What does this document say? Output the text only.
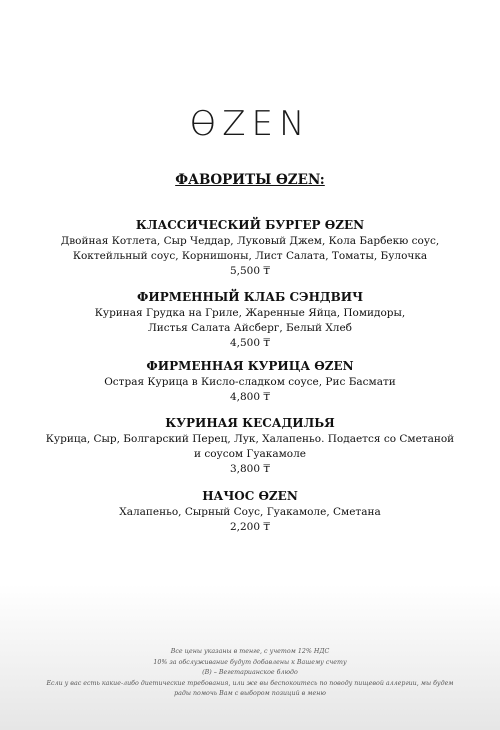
ƟZEN
ФАВОРИТЫ ƟZEN:
КЛАССИЧЕСКИЙ БУРГЕР ƟZEN
Двойная Котлета, Сыр Чеддар, Луковый Джем, Кола Барбекю соус,
Коктейльный соус, Корнишоны, Лист Салата, Томаты, Булочка
5,500 ₸
ФИРМЕННЫЙ КЛАБ СЭНДВИЧ
Куриная Грудка на Гриле, Жаренные Яйца, Помидоры,
Листья Салата Айсберг, Белый Хлеб
4,500 ₸
ФИРМЕННАЯ КУРИЦА ƟZEN
Острая Курица в Кисло-сладком соусе, Рис Басмати
4,800 ₸
КУРИНАЯ КЕСАДИЛЬЯ
Курица, Сыр, Болгарский Перец, Лук, Халапеньо. Подается со Сметаной
и соусом Гуакамоле
3,800 ₸
НАЧОС ƟZEN
Халапеньо, Сырный Соус, Гуакамоле, Сметана
2,200 ₸
Все цены указаны в тенге, с учетом 12% НДС
10% за обслуживание будут добавлены к Вашему счету
(В) – Вегетарианское блюдо
Если у вас есть какие-либо диетические требования, или же вы беспокоитесь по поводу пищевой аллергии, мы будем
рады помочь Вам с выбором позиций в меню
